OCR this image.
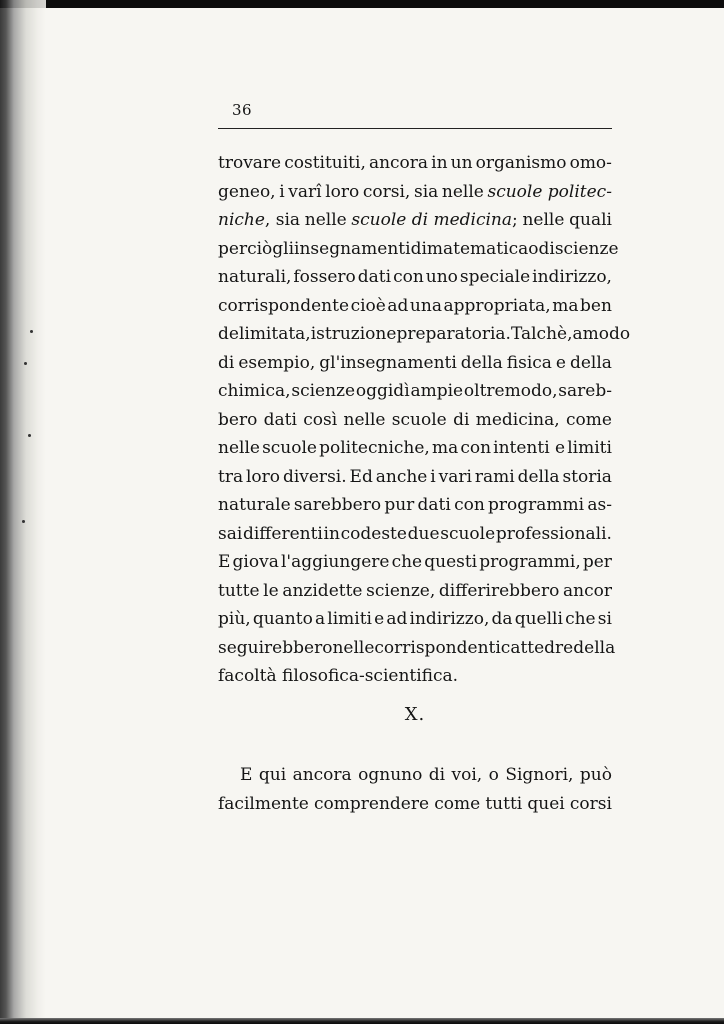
36
trovare costituiti, ancora in un organismo omo-
geneo, i varî loro corsi, sia nelle scuole politec-
niche, sia nelle scuole di medicina; nelle quali
perciò gli insegnamenti di matematica o di scienze
naturali, fossero dati con uno speciale indirizzo,
corrispondente cioè ad una appropriata, ma ben
delimitata, istruzione preparatoria. Talchè, a modo
di esempio, gl'insegnamenti della fisica e della
chimica, scienze oggidì ampie oltremodo, sareb-
bero dati così nelle scuole di medicina, come
nelle scuole politecniche, ma con intenti e limiti
tra loro diversi. Ed anche i vari rami della storia
naturale sarebbero pur dati con programmi as-
sai differenti in codeste due scuole professionali.
E giova l'aggiungere che questi programmi, per
tutte le anzidette scienze, differirebbero ancor
più, quanto a limiti e ad indirizzo, da quelli che si
seguirebbero nelle corrispondenti cattedre della
facoltà filosofica-scientifica.
X.
E qui ancora ognuno di voi, o Signori, può
facilmente comprendere come tutti quei corsi
